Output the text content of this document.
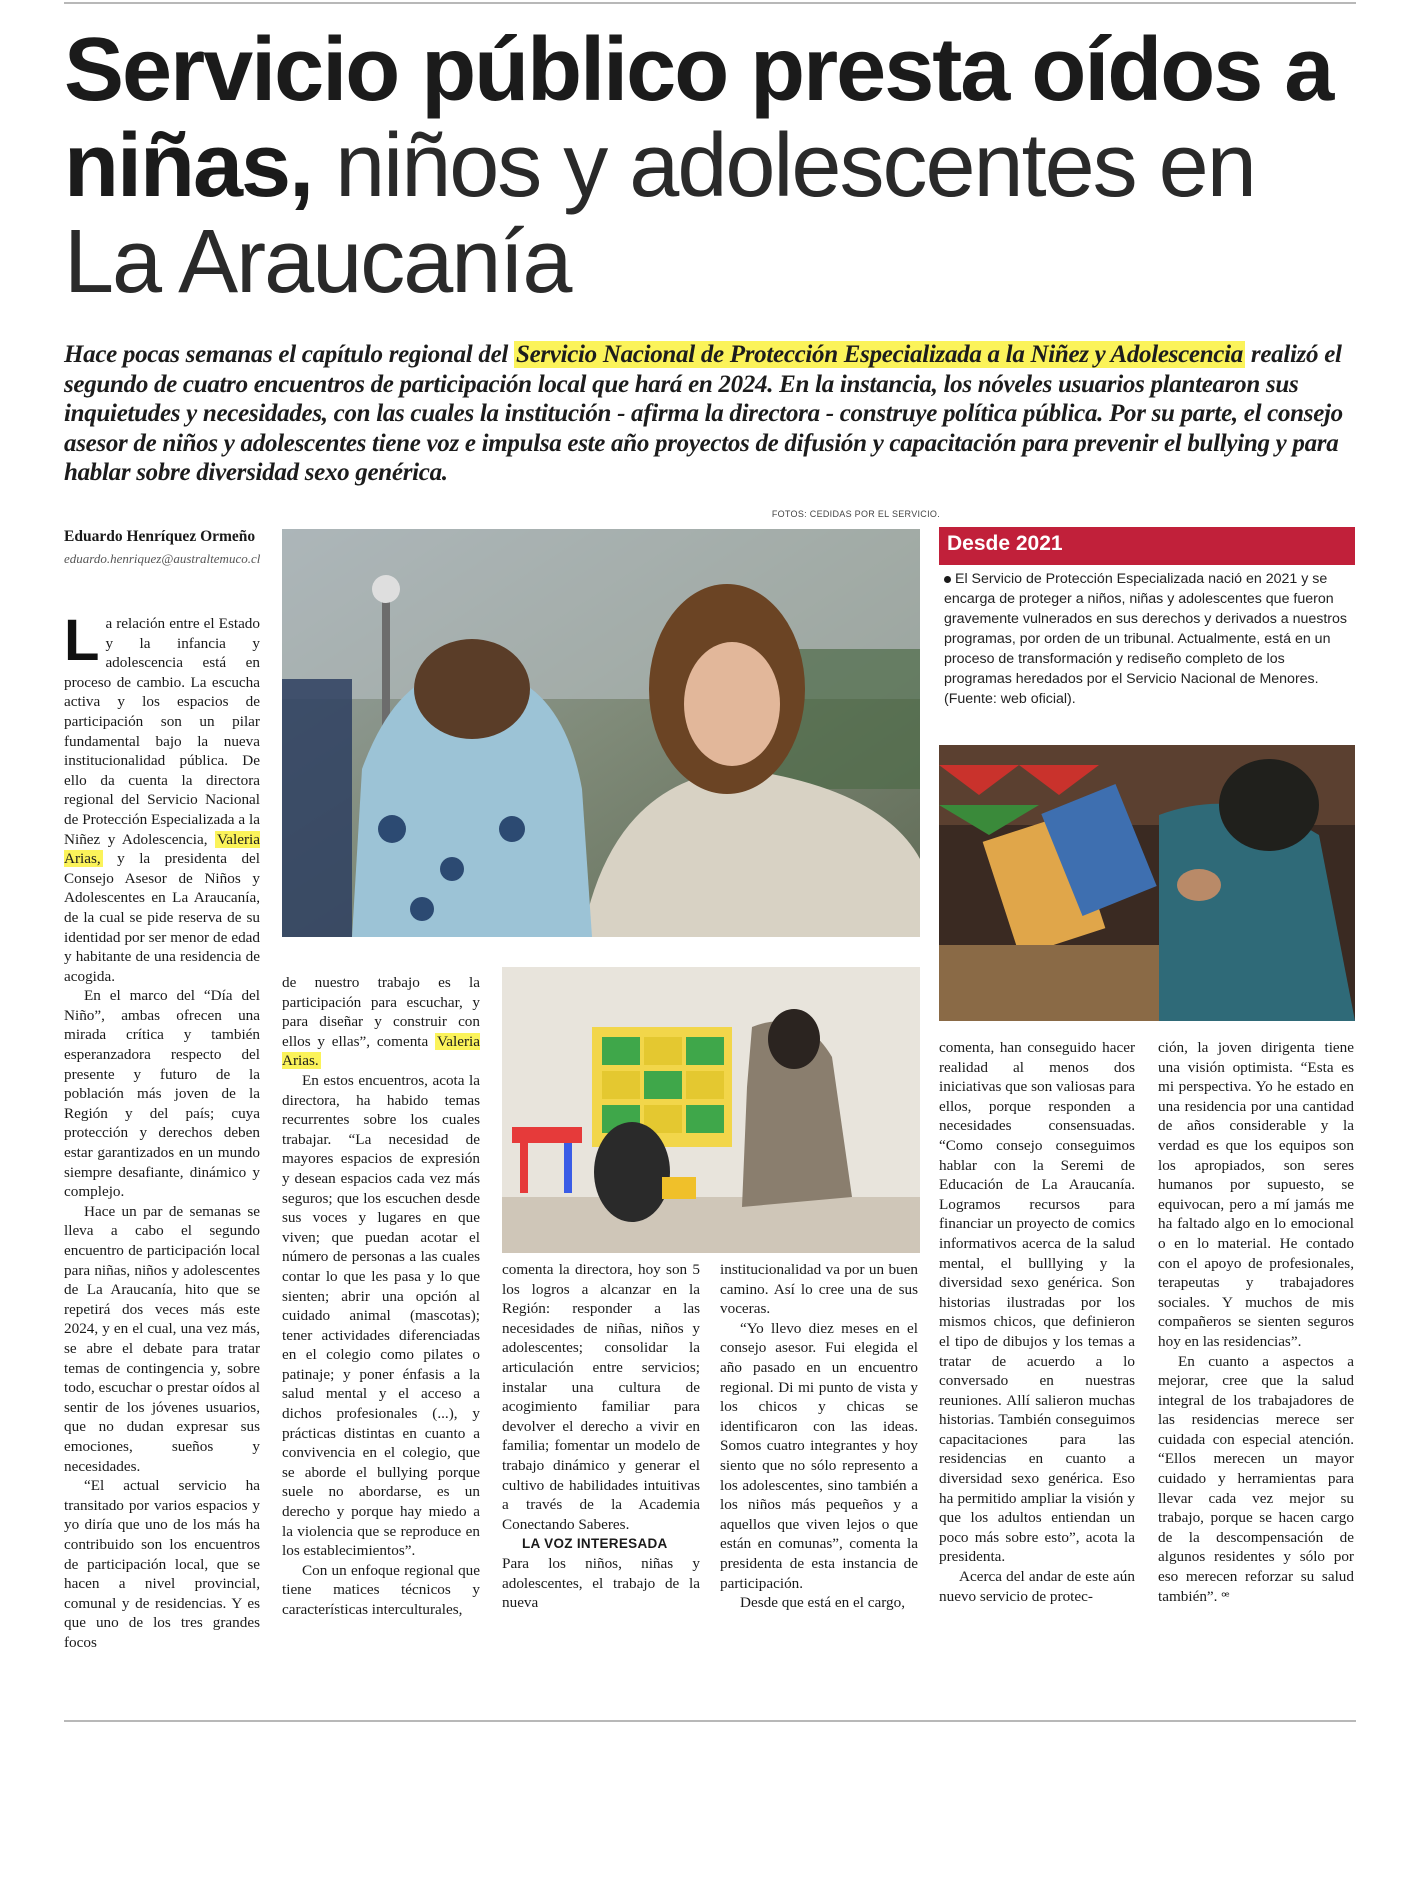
Servicio público presta oídos a niñas, niños y adolescentes en La Araucanía

Hace pocas semanas el capítulo regional del Servicio Nacional de Protección Especializada a la Niñez y Adolescencia realizó el segundo de cuatro encuentros de participación local que hará en 2024. En la instancia, los nóveles usuarios plantearon sus inquietudes y necesidades, con las cuales la institución - afirma la directora - construye política pública. Por su parte, el consejo asesor de niños y adolescentes tiene voz e impulsa este año proyectos de difusión y capacitación para prevenir el bullying y para hablar sobre diversidad sexo genérica.

FOTOS: CEDIDAS POR EL SERVICIO.
Eduardo Henríquez Ormeño
eduardo.henriquez@australtemuco.cl
Desde 2021

El Servicio de Protección Especializada nació en 2021 y se encarga de proteger a niños, niñas y adolescentes que fueron gravemente vulnerados en sus derechos y derivados a nuestros programas, por orden de un tribunal. Actualmente, está en un proceso de transformación y rediseño completo de los programas heredados por el Servicio Nacional de Menores. (Fuente: web oficial).

La relación entre el Estado y la infancia y adolescencia está en proceso de cambio. La escucha activa y los espacios de participación son un pilar fundamental bajo la nueva institucionalidad pública. De ello da cuenta la directora regional del Servicio Nacional de Protección Especializada a la Niñez y Adolescencia, Valeria Arias, y la presidenta del Consejo Asesor de Niños y Adolescentes en La Araucanía, de la cual se pide reserva de su identidad por ser menor de edad y habitante de una residencia de acogida.

En el marco del “Día del Niño”, ambas ofrecen una mirada crítica y también esperanzadora respecto del presente y futuro de la población más joven de la Región y del país; cuya protección y derechos deben estar garantizados en un mundo siempre desafiante, dinámico y complejo.

Hace un par de semanas se lleva a cabo el segundo encuentro de participación local para niñas, niños y adolescentes de La Araucanía, hito que se repetirá dos veces más este 2024, y en el cual, una vez más, se abre el debate para tratar temas de contingencia y, sobre todo, escuchar o prestar oídos al sentir de los jóvenes usuarios, que no dudan expresar sus emociones, sueños y necesidades.

“El actual servicio ha transitado por varios espacios y yo diría que uno de los más ha contribuido son los encuentros de participación local, que se hacen a nivel provincial, comunal y de residencias. Y es que uno de los tres grandes focos

de nuestro trabajo es la participación para escuchar, y para diseñar y construir con ellos y ellas”, comenta Valeria Arias.

En estos encuentros, acota la directora, ha habido temas recurrentes sobre los cuales trabajar. “La necesidad de mayores espacios de expresión y desean espacios cada vez más seguros; que los escuchen desde sus voces y lugares en que viven; que puedan acotar el número de personas a las cuales contar lo que les pasa y lo que sienten; abrir una opción al cuidado animal (mascotas); tener actividades diferenciadas en el colegio como pilates o patinaje; y poner énfasis a la salud mental y el acceso a dichos profesionales (...), y prácticas distintas en cuanto a convivencia en el colegio, que se aborde el bullying porque suele no abordarse, es un derecho y porque hay miedo a la violencia que se reproduce en los establecimientos”.

Con un enfoque regional que tiene matices técnicos y características interculturales,

comenta la directora, hoy son 5 los logros a alcanzar en la Región: responder a las necesidades de niñas, niños y adolescentes; consolidar la articulación entre servicios; instalar una cultura de acogimiento familiar para devolver el derecho a vivir en familia; fomentar un modelo de trabajo dinámico y generar el cultivo de habilidades intuitivas a través de la Academia Conectando Saberes.

LA VOZ INTERESADA

Para los niños, niñas y adolescentes, el trabajo de la nueva

institucionalidad va por un buen camino. Así lo cree una de sus voceras.

“Yo llevo diez meses en el consejo asesor. Fui elegida el año pasado en un encuentro regional. Di mi punto de vista y los chicos y chicas se identificaron con las ideas. Somos cuatro integrantes y hoy siento que no sólo represento a los adolescentes, sino también a los niños más pequeños y a aquellos que viven lejos o que están en comunas”, comenta la presidenta de esta instancia de participación.

Desde que está en el cargo,

comenta, han conseguido hacer realidad al menos dos iniciativas que son valiosas para ellos, porque responden a necesidades consensuadas. “Como consejo conseguimos hablar con la Seremi de Educación de La Araucanía. Logramos recursos para financiar un proyecto de comics informativos acerca de la salud mental, el bulllying y la diversidad sexo genérica. Son historias ilustradas por los mismos chicos, que definieron el tipo de dibujos y los temas a tratar de acuerdo a lo conversado en nuestras reuniones. Allí salieron muchas historias. También conseguimos capacitaciones para las residencias en cuanto a diversidad sexo genérica. Eso ha permitido ampliar la visión y que los adultos entiendan un poco más sobre esto”, acota la presidenta.

Acerca del andar de este aún nuevo servicio de protec-

ción, la joven dirigenta tiene una visión optimista. “Esta es mi perspectiva. Yo he estado en una residencia por una cantidad de años considerable y la verdad es que los equipos son los apropiados, son seres humanos por supuesto, se equivocan, pero a mí jamás me ha faltado algo en lo emocional o en lo material. He contado con el apoyo de profesionales, terapeutas y trabajadores sociales. Y muchos de mis compañeros se sienten seguros hoy en las residencias”.

En cuanto a aspectos a mejorar, cree que la salud integral de los trabajadores de las residencias merece ser cuidada con especial atención. “Ellos merecen un mayor cuidado y herramientas para llevar cada vez mejor su trabajo, porque se hacen cargo de la descompensación de algunos residentes y sólo por eso merecen reforzar su salud también”. ꟹ
